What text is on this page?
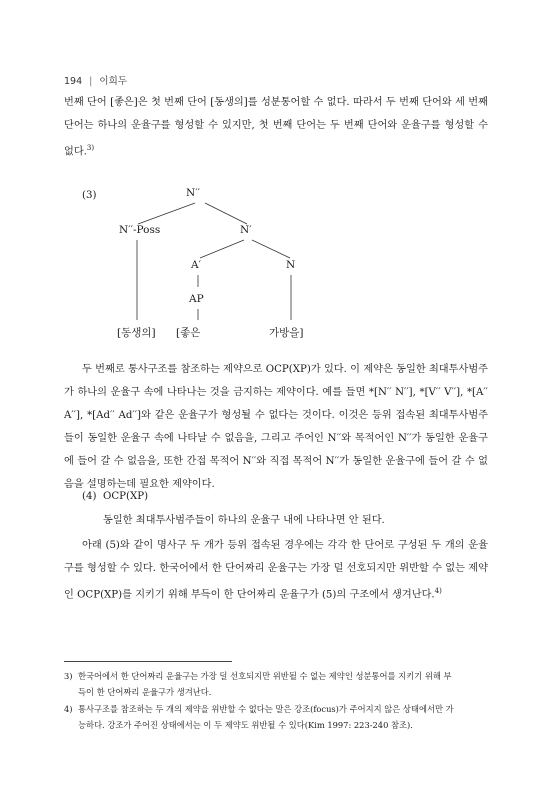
194 | 이희두

번째 단어 [좋은]은 첫 번째 단어 [동생의]를 성분통어할 수 없다. 따라서 두 번째 단어와 세 번째 단어는 하나의 운율구를 형성할 수 있지만, 첫 번째 단어는 두 번째 단어와 운율구를 형성할 수 없다.$^{3)}$

(3)	N′′
N′′-Poss	N′
A′	N
AP
[동생의] [좋은	가방을]

두 번째로 통사구조를 참조하는 제약으로 OCP(XP)가 있다. 이 제약은 동일한 최대투사범주가 하나의 운율구 속에 나타나는 것을 금지하는 제약이다. 예를 들면 *[N′′ N′′], *[V′′ V′′], *[A′′ A′′], *[Ad′′ Ad′′]와 같은 운율구가 형성될 수 없다는 것이다. 이것은 등위 접속된 최대투사범주들이 동일한 운율구 속에 나타날 수 없음을, 그리고 주어인 N′′와 목적어인 N′′가 동일한 운율구에 들어 갈 수 없음을, 또한 간접 목적어 N′′와 직접 목적어 N′′가 동일한 운율구에 들어 갈 수 없음을 설명하는데 필요한 제약이다.

(4) OCP(XP)
동일한 최대투사범주들이 하나의 운율구 내에 나타나면 안 된다.

아래 (5)와 같이 명사구 두 개가 등위 접속된 경우에는 각각 한 단어로 구성된 두 개의 운율구를 형성할 수 있다. 한국어에서 한 단어짜리 운율구는 가장 덜 선호되지만 위반할 수 없는 제약인 OCP(XP)를 지키기 위해 부득이 한 단어짜리 운율구가 (5)의 구조에서 생겨난다.$^{4)}$

3) 한국어에서 한 단어짜리 운율구는 가장 덜 선호되지만 위반될 수 없는 제약인 성분통어를 지키기 위해 부
득이 한 단어짜리 운율구가 생겨난다.

4) 통사구조를 참조하는 두 개의 제약을 위반할 수 없다는 말은 강조(focus)가 주어지지 않은 상태에서만 가
능하다. 강조가 주어진 상태에서는 이 두 제약도 위반될 수 있다(Kim 1997: 223-240 참조).
